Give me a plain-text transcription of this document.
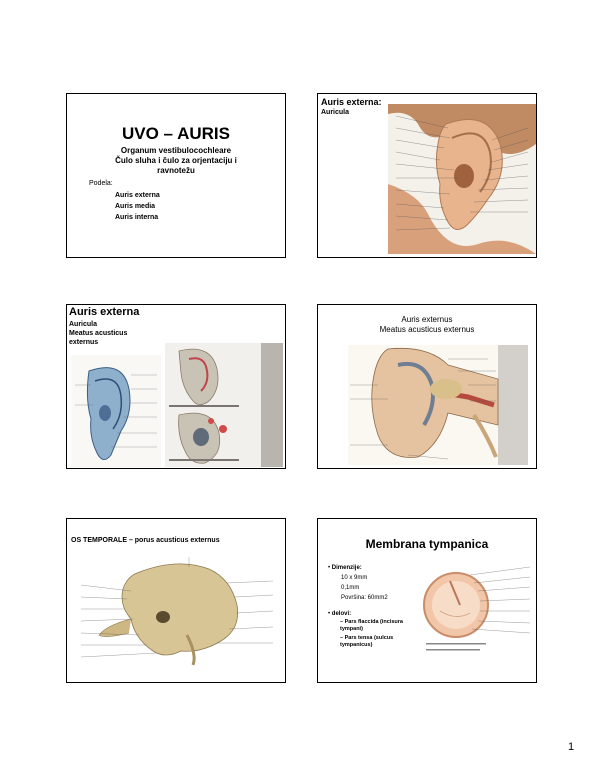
UVO – AURIS
Organum vestibulocochleare
Čulo sluha i čulo za orjentaciju i
ravnotežu
Podela:
Auris externa
Auris media
Auris interna
Auris externa:
Auricula
Auris externa
Auricula
Meatus acusticus
externus
Auris externus
Meatus acusticus externus
OS TEMPORALE – porus acusticus externus	Membrana tympanica
• Dimenzije:
10 x 9mm
0,1mm
Površina: 60mm2
• delovi:
– Pars flaccida (incisura tympani)
– Pars tensa (sulcus tympanicus)
1
